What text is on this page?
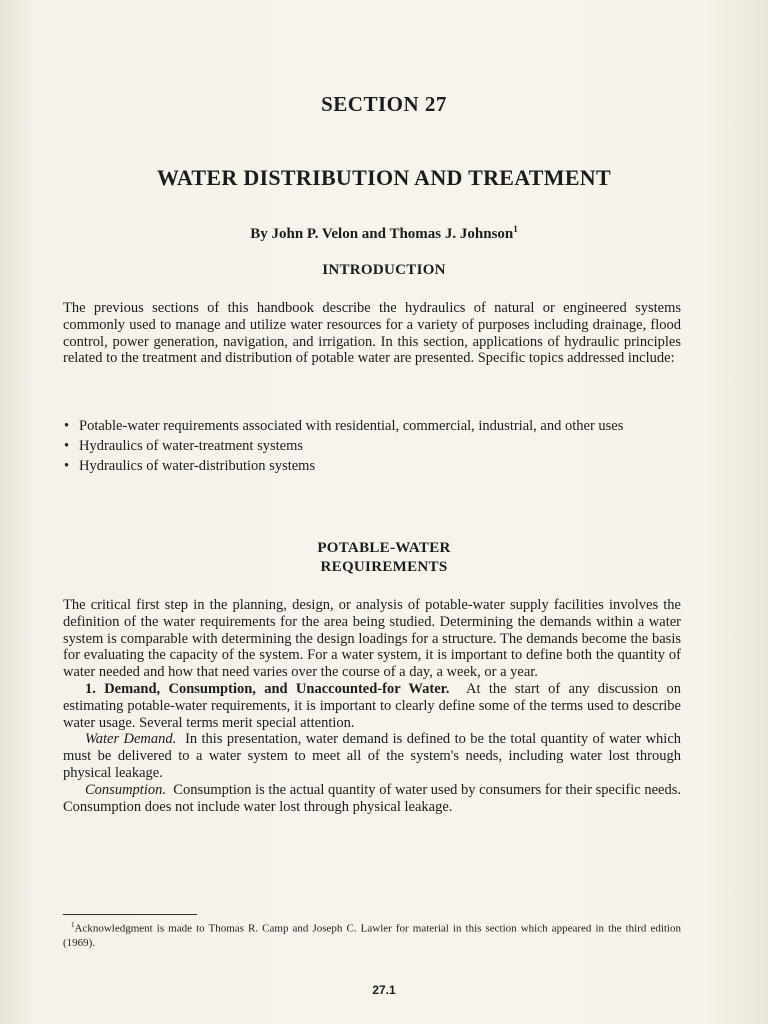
SECTION 27
WATER DISTRIBUTION AND TREATMENT
By John P. Velon and Thomas J. Johnson$^1$
INTRODUCTION
The previous sections of this handbook describe the hydraulics of natural or engineered systems commonly used to manage and utilize water resources for a variety of purposes including drainage, flood control, power generation, navigation, and irrigation. In this section, applications of hydraulic principles related to the treatment and distribution of potable water are presented. Specific topics addressed include:
• Potable-water requirements associated with residential, commercial, industrial, and other uses
• Hydraulics of water-treatment systems
• Hydraulics of water-distribution systems
POTABLE-WATER
REQUIREMENTS

The critical first step in the planning, design, or analysis of potable-water supply facilities involves the definition of the water requirements for the area being studied. Determining the demands within a water system is comparable with determining the design loadings for a structure. The demands become the basis for evaluating the capacity of the system. For a water system, it is important to define both the quantity of water needed and how that need varies over the course of a day, a week, or a year.

1. Demand, Consumption, and Unaccounted-for Water. At the start of any discussion on estimating potable-water requirements, it is important to clearly define some of the terms used to describe water usage. Several terms merit special attention.

Water Demand. In this presentation, water demand is defined to be the total quantity of water which must be delivered to a water system to meet all of the system's needs, including water lost through physical leakage.

Consumption. Consumption is the actual quantity of water used by consumers for their specific needs. Consumption does not include water lost through physical leakage.

$^1$Acknowledgment is made to Thomas R. Camp and Joseph C. Lawler for material in this section which appeared in the third edition (1969).
27.1
